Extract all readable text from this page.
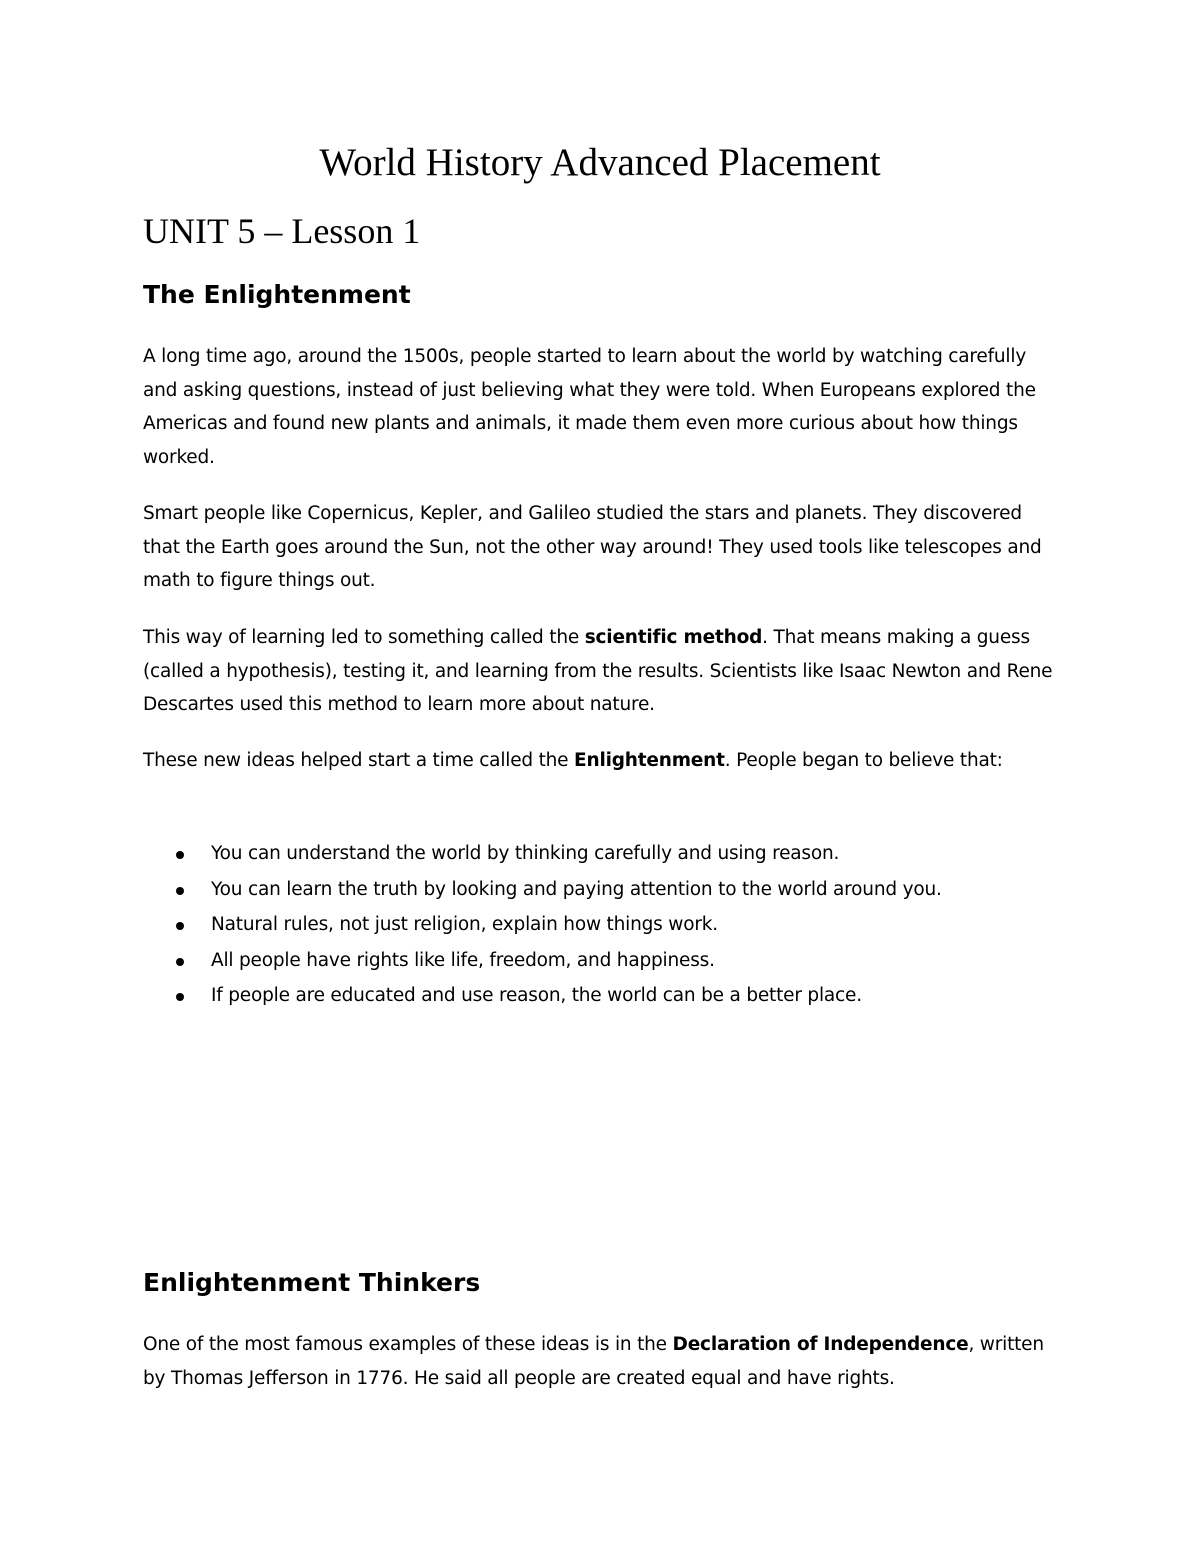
World History Advanced Placement
UNIT 5 – Lesson 1
The Enlightenment

A long time ago, around the 1500s, people started to learn about the world by watching carefully and asking questions, instead of just believing what they were told. When Europeans explored the Americas and found new plants and animals, it made them even more curious about how things worked.

Smart people like Copernicus, Kepler, and Galileo studied the stars and planets. They discovered that the Earth goes around the Sun, not the other way around! They used tools like telescopes and math to figure things out.

This way of learning led to something called the scientific method. That means making a guess (called a hypothesis), testing it, and learning from the results. Scientists like Isaac Newton and Rene Descartes used this method to learn more about nature.

These new ideas helped start a time called the Enlightenment. People began to believe that:

You can understand the world by thinking carefully and using reason.
You can learn the truth by looking and paying attention to the world around you.
Natural rules, not just religion, explain how things work.
All people have rights like life, freedom, and happiness.
If people are educated and use reason, the world can be a better place.
Enlightenment Thinkers

One of the most famous examples of these ideas is in the Declaration of Independence, written by Thomas Jefferson in 1776. He said all people are created equal and have rights.
